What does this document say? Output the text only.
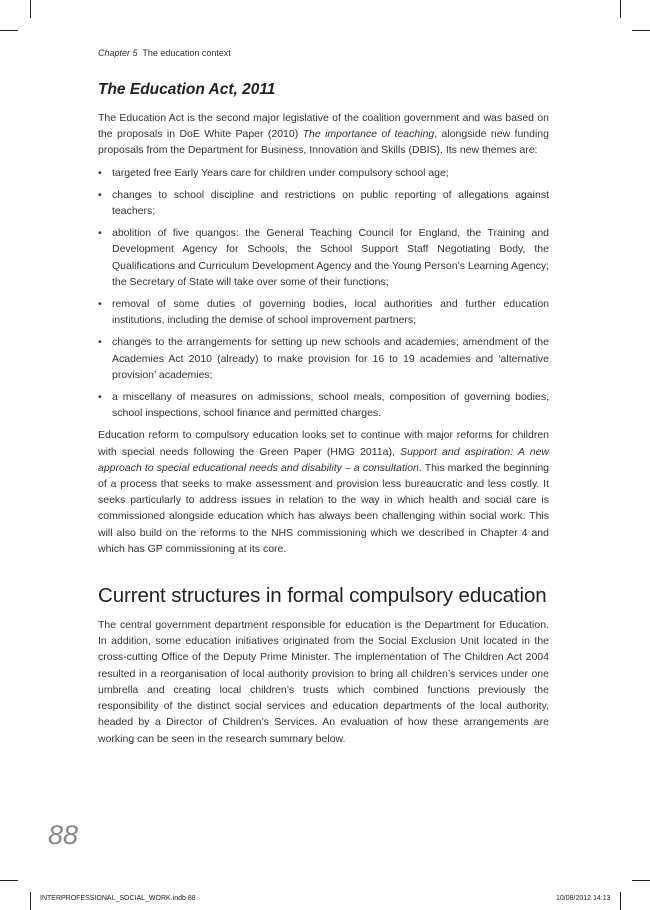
Chapter 5 The education context
The Education Act, 2011

The Education Act is the second major legislative of the coalition government and was based on the proposals in DoE White Paper (2010) The importance of teaching, alongside new funding proposals from the Department for Business, Innovation and Skills (DBIS). Its new themes are:

• targeted free Early Years care for children under compulsory school age;
• changes to school discipline and restrictions on public reporting of allegations against teachers;
• abolition of five quangos: the General Teaching Council for England, the Training and Development Agency for Schools, the School Support Staff Negotiating Body, the Qualifications and Curriculum Development Agency and the Young Person’s Learning Agency; the Secretary of State will take over some of their functions;
• removal of some duties of governing bodies, local authorities and further education institutions, including the demise of school improvement partners;
• changes to the arrangements for setting up new schools and academies; amendment of the Academies Act 2010 (already) to make provision for 16 to 19 academies and ‘alternative provision’ academies;
• a miscellany of measures on admissions, school meals, composition of governing bodies, school inspections, school finance and permitted charges.

Education reform to compulsory education looks set to continue with major reforms for children with special needs following the Green Paper (HMG 2011a), Support and aspiration: A new approach to special educational needs and disability – a consultation. This marked the beginning of a process that seeks to make assessment and provision less bureaucratic and less costly. It seeks particularly to address issues in relation to the way in which health and social care is commissioned alongside education which has always been challenging within social work. This will also build on the reforms to the NHS commissioning which we described in Chapter 4 and which has GP commissioning at its core.

Current structures in formal compulsory education

The central government department responsible for education is the Department for Education. In addition, some education initiatives originated from the Social Exclusion Unit located in the cross-cutting Office of the Deputy Prime Minister. The implementation of The Children Act 2004 resulted in a reorganisation of local authority provision to bring all children’s services under one umbrella and creating local children’s trusts which combined functions previously the responsibility of the distinct social services and education departments of the local authority, headed by a Director of Children’s Services. An evaluation of how these arrangements are working can be seen in the research summary below.

88
INTERPROFESSIONAL_SOCIAL_WORK.indb 88	10/08/2012 14:13
